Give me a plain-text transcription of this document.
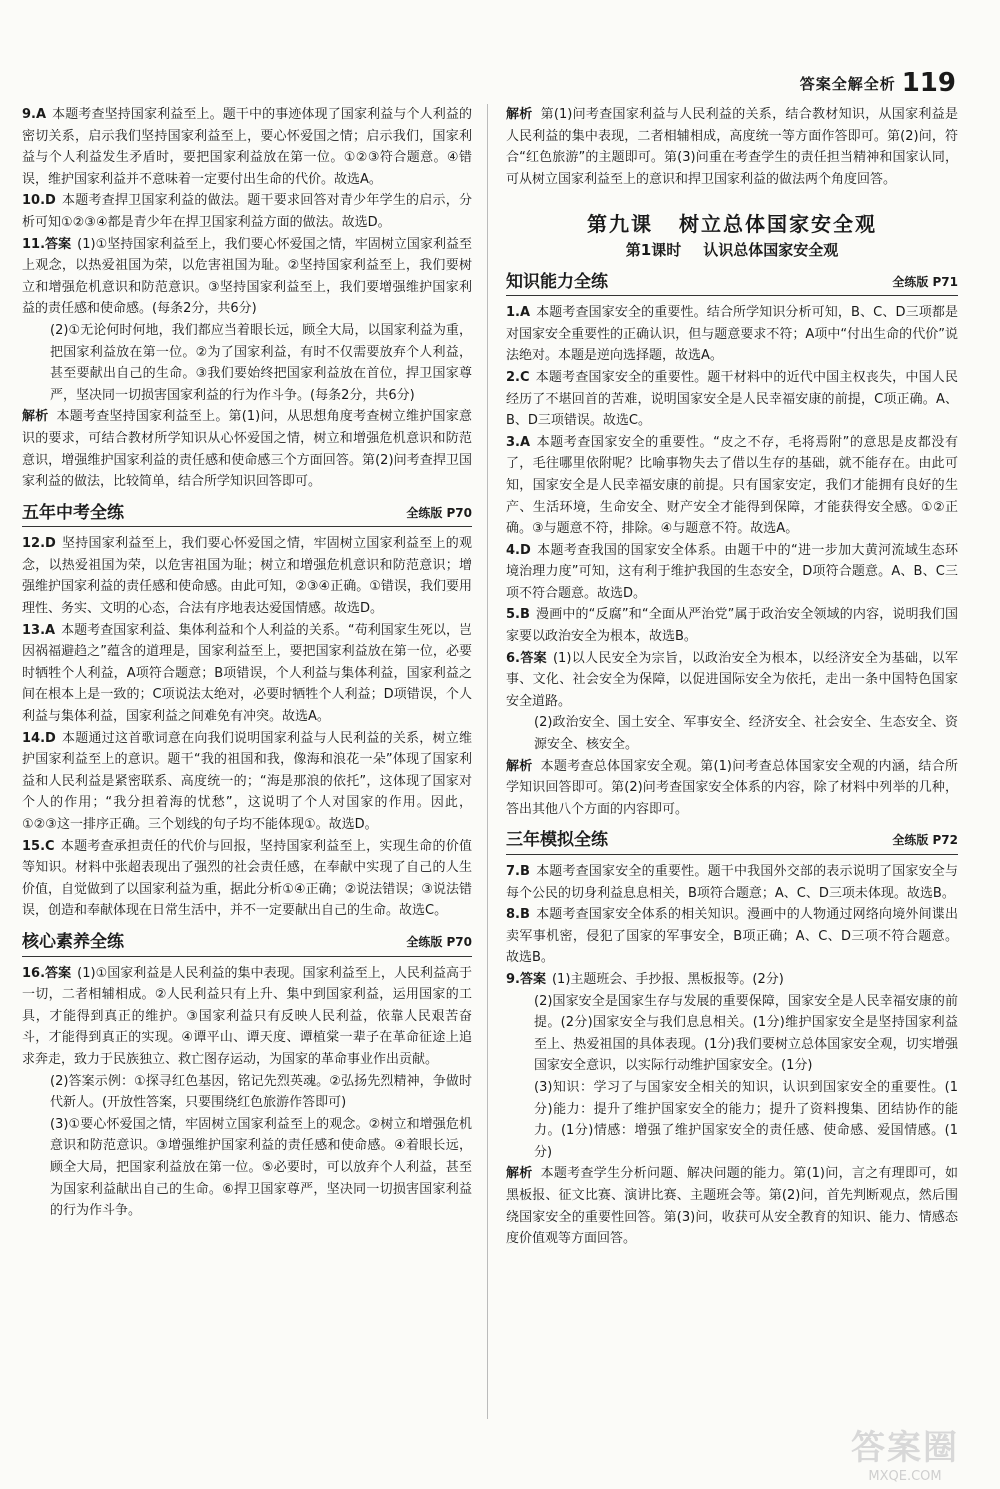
答案全解全析 119

9.A 本题考查坚持国家利益至上。题干中的事迹体现了国家利益与个人利益的密切关系，启示我们坚持国家利益至上，要心怀爱国之情；启示我们，国家利益与个人利益发生矛盾时，要把国家利益放在第一位。①②③符合题意。④错误，维护国家利益并不意味着一定要付出生命的代价。故选A。

10.D 本题考查捍卫国家利益的做法。题干要求回答对青少年学生的启示，分析可知①②③④都是青少年在捍卫国家利益方面的做法。故选D。

11.答案 (1)①坚持国家利益至上，我们要心怀爱国之情，牢固树立国家利益至上观念，以热爱祖国为荣，以危害祖国为耻。②坚持国家利益至上，我们要树立和增强危机意识和防范意识。③坚持国家利益至上，我们要增强维护国家利益的责任感和使命感。(每条2分，共6分)

(2)①无论何时何地，我们都应当着眼长远，顾全大局，以国家利益为重，把国家利益放在第一位。②为了国家利益，有时不仅需要放弃个人利益，甚至要献出自己的生命。③我们要始终把国家利益放在首位，捍卫国家尊严，坚决同一切损害国家利益的行为作斗争。(每条2分，共6分)

解析 本题考查坚持国家利益至上。第(1)问，从思想角度考查树立维护国家意识的要求，可结合教材所学知识从心怀爱国之情，树立和增强危机意识和防范意识，增强维护国家利益的责任感和使命感三个方面回答。第(2)问考查捍卫国家利益的做法，比较简单，结合所学知识回答即可。

五年中考全练	全练版 P70

12.D 坚持国家利益至上，我们要心怀爱国之情，牢固树立国家利益至上的观念，以热爱祖国为荣，以危害祖国为耻；树立和增强危机意识和防范意识；增强维护国家利益的责任感和使命感。由此可知，②③④正确。①错误，我们要用理性、务实、文明的心态，合法有序地表达爱国情感。故选D。

13.A 本题考查国家利益、集体利益和个人利益的关系。“苟利国家生死以，岂因祸福避趋之”蕴含的道理是，国家利益至上，要把国家利益放在第一位，必要时牺牲个人利益，A项符合题意；B项错误，个人利益与集体利益，国家利益之间在根本上是一致的；C项说法太绝对，必要时牺牲个人利益；D项错误，个人利益与集体利益，国家利益之间难免有冲突。故选A。

14.D 本题通过这首歌词意在向我们说明国家利益与人民利益的关系，树立维护国家利益至上的意识。题干“我的祖国和我，像海和浪花一朵”体现了国家利益和人民利益是紧密联系、高度统一的；“海是那浪的依托”，这体现了国家对个人的作用；“我分担着海的忧愁”，这说明了个人对国家的作用。因此，①②③这一排序正确。三个划线的句子均不能体现①。故选D。

15.C 本题考查承担责任的代价与回报，坚持国家利益至上，实现生命的价值等知识。材料中张超表现出了强烈的社会责任感，在奉献中实现了自己的人生价值，自觉做到了以国家利益为重，据此分析①④正确；②说法错误；③说法错误，创造和奉献体现在日常生活中，并不一定要献出自己的生命。故选C。

核心素养全练	全练版 P70

16.答案 (1)①国家利益是人民利益的集中表现。国家利益至上，人民利益高于一切，二者相辅相成。②人民利益只有上升、集中到国家利益，运用国家的工具，才能得到真正的维护。③国家利益只有反映人民利益，依靠人民艰苦奋斗，才能得到真正的实现。④谭平山、谭天度、谭植棠一辈子在革命征途上追求奔走，致力于民族独立、救亡图存运动，为国家的革命事业作出贡献。

(2)答案示例：①探寻红色基因，铭记先烈英魂。②弘扬先烈精神，争做时代新人。(开放性答案，只要围绕红色旅游作答即可)

(3)①要心怀爱国之情，牢固树立国家利益至上的观念。②树立和增强危机意识和防范意识。③增强维护国家利益的责任感和使命感。④着眼长远，顾全大局，把国家利益放在第一位。⑤必要时，可以放弃个人利益，甚至为国家利益献出自己的生命。⑥捍卫国家尊严，坚决同一切损害国家利益的行为作斗争。

解析 第(1)问考查国家利益与人民利益的关系，结合教材知识，从国家利益是人民利益的集中表现，二者相辅相成，高度统一等方面作答即可。第(2)问，符合“红色旅游”的主题即可。第(3)问重在考查学生的责任担当精神和国家认同，可从树立国家利益至上的意识和捍卫国家利益的做法两个角度回答。

第九课 树立总体国家安全观
第1课时 认识总体国家安全观
知识能力全练	全练版 P71

1.A 本题考查国家安全的重要性。结合所学知识分析可知，B、C、D三项都是对国家安全重要性的正确认识，但与题意要求不符；A项中“付出生命的代价”说法绝对。本题是逆向选择题，故选A。

2.C 本题考查国家安全的重要性。题干材料中的近代中国主权丧失，中国人民经历了不堪回首的苦难，说明国家安全是人民幸福安康的前提，C项正确。A、B、D三项错误。故选C。

3.A 本题考查国家安全的重要性。“皮之不存，毛将焉附”的意思是皮都没有了，毛往哪里依附呢？比喻事物失去了借以生存的基础，就不能存在。由此可知，国家安全是人民幸福安康的前提。只有国家安定，我们才能拥有良好的生产、生活环境，生命安全、财产安全才能得到保障，才能获得安全感。①②正确。③与题意不符，排除。④与题意不符。故选A。

4.D 本题考查我国的国家安全体系。由题干中的“进一步加大黄河流域生态环境治理力度”可知，这有利于维护我国的生态安全，D项符合题意。A、B、C三项不符合题意。故选D。

5.B 漫画中的“反腐”和“全面从严治党”属于政治安全领域的内容，说明我们国家要以政治安全为根本，故选B。

6.答案 (1)以人民安全为宗旨，以政治安全为根本，以经济安全为基础，以军事、文化、社会安全为保障，以促进国际安全为依托，走出一条中国特色国家安全道路。

(2)政治安全、国土安全、军事安全、经济安全、社会安全、生态安全、资源安全、核安全。

解析 本题考查总体国家安全观。第(1)问考查总体国家安全观的内涵，结合所学知识回答即可。第(2)问考查国家安全体系的内容，除了材料中列举的几种，答出其他八个方面的内容即可。

三年模拟全练	全练版 P72

7.B 本题考查国家安全的重要性。题干中我国外交部的表示说明了国家安全与每个公民的切身利益息息相关，B项符合题意；A、C、D三项未体现。故选B。

8.B 本题考查国家安全体系的相关知识。漫画中的人物通过网络向境外间谍出卖军事机密，侵犯了国家的军事安全，B项正确；A、C、D三项不符合题意。故选B。

9.答案 (1)主题班会、手抄报、黑板报等。(2分)

(2)国家安全是国家生存与发展的重要保障，国家安全是人民幸福安康的前提。(2分)国家安全与我们息息相关。(1分)维护国家安全是坚持国家利益至上、热爱祖国的具体表现。(1分)我们要树立总体国家安全观，切实增强国家安全意识，以实际行动维护国家安全。(1分)

(3)知识：学习了与国家安全相关的知识，认识到国家安全的重要性。(1分)能力：提升了维护国家安全的能力；提升了资料搜集、团结协作的能力。(1分)情感：增强了维护国家安全的责任感、使命感、爱国情感。(1分)

解析 本题考查学生分析问题、解决问题的能力。第(1)问，言之有理即可，如黑板报、征文比赛、演讲比赛、主题班会等。第(2)问，首先判断观点，然后围绕国家安全的重要性回答。第(3)问，收获可从安全教育的知识、能力、情感态度价值观等方面回答。

答案圈
MXQE.COM
